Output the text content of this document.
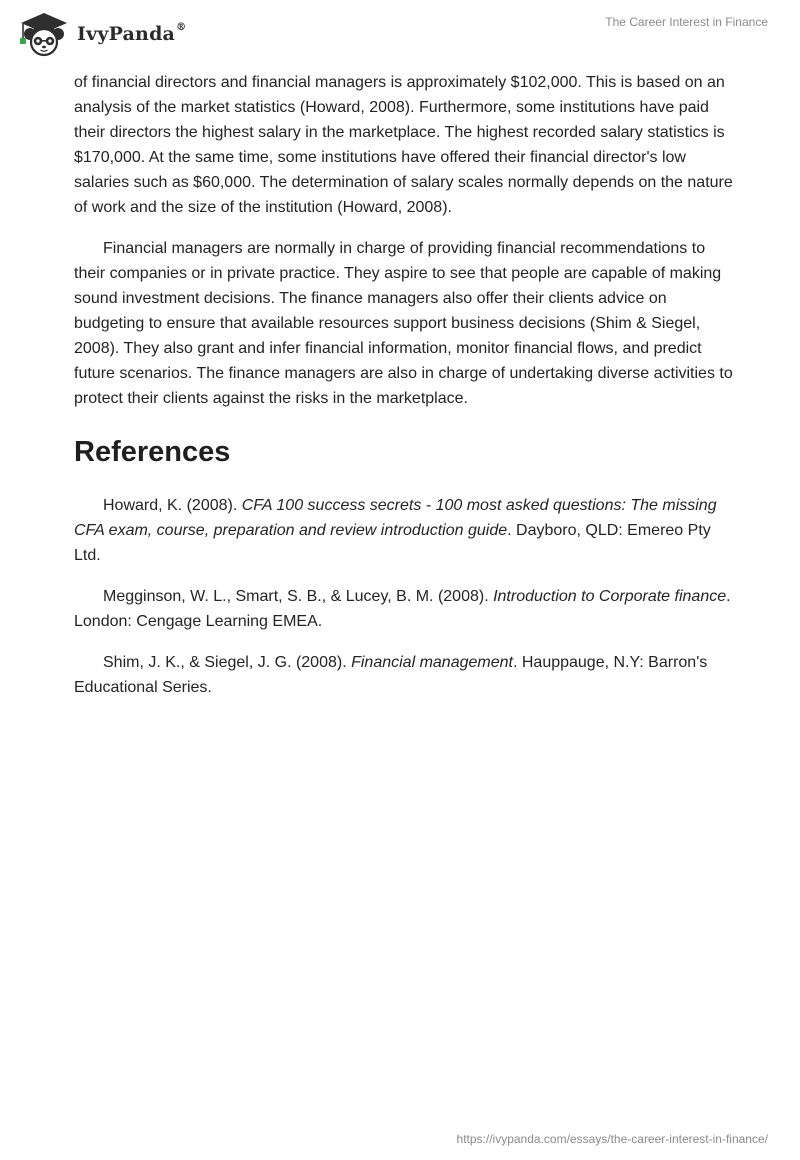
IvyPanda®	The Career Interest in Finance

of financial directors and financial managers is approximately $102,000. This is based on an analysis of the market statistics (Howard, 2008). Furthermore, some institutions have paid their directors the highest salary in the marketplace. The highest recorded salary statistics is $170,000. At the same time, some institutions have offered their financial director's low salaries such as $60,000. The determination of salary scales normally depends on the nature of work and the size of the institution (Howard, 2008).

Financial managers are normally in charge of providing financial recommendations to their companies or in private practice. They aspire to see that people are capable of making sound investment decisions. The finance managers also offer their clients advice on budgeting to ensure that available resources support business decisions (Shim & Siegel, 2008). They also grant and infer financial information, monitor financial flows, and predict future scenarios. The finance managers are also in charge of undertaking diverse activities to protect their clients against the risks in the marketplace.

References

Howard, K. (2008). CFA 100 success secrets - 100 most asked questions: The missing CFA exam, course, preparation and review introduction guide. Dayboro, QLD: Emereo Pty Ltd.

Megginson, W. L., Smart, S. B., & Lucey, B. M. (2008). Introduction to Corporate finance. London: Cengage Learning EMEA.

Shim, J. K., & Siegel, J. G. (2008). Financial management. Hauppauge, N.Y: Barron's Educational Series.

https://ivypanda.com/essays/the-career-interest-in-finance/
